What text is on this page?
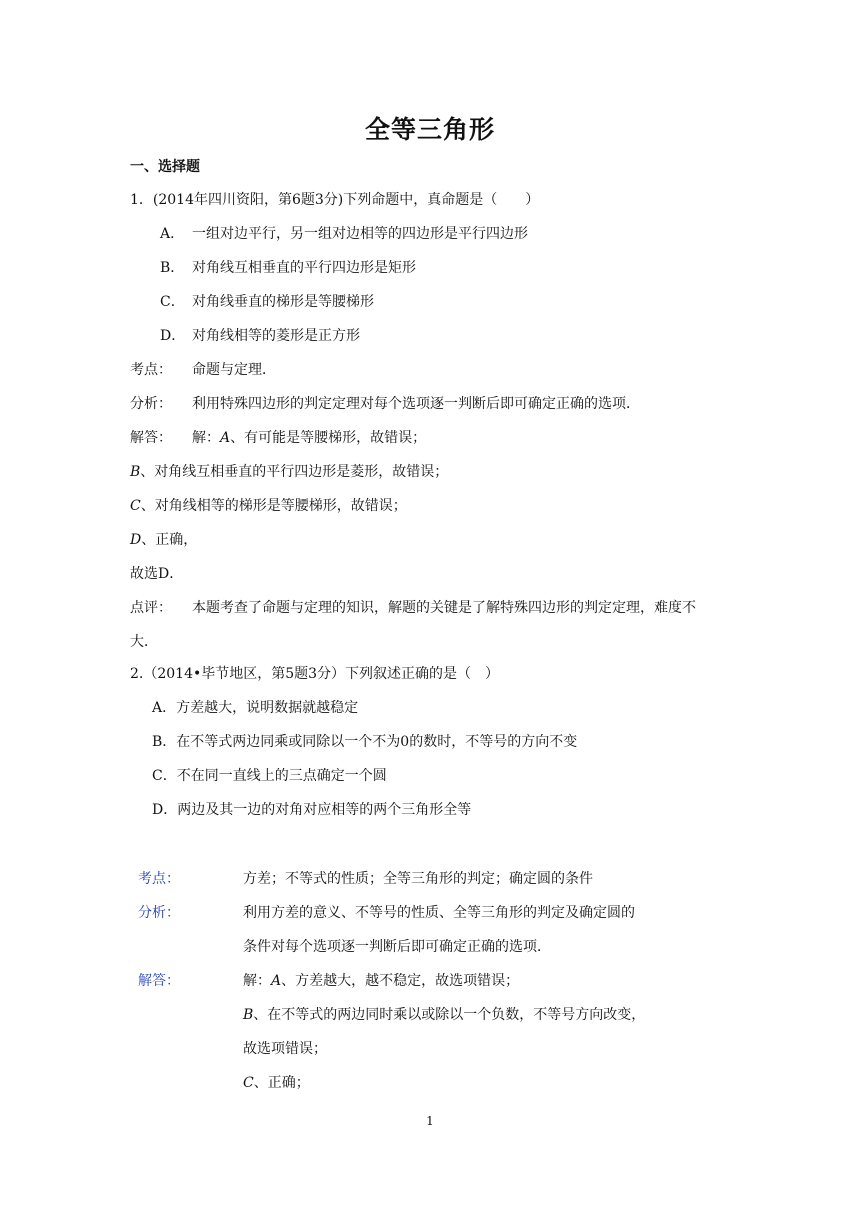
全等三角形
一、选择题
1．(2014年四川资阳，第6题3分)下列命题中，真命题是（　　）
A． 一组对边平行，另一组对边相等的四边形是平行四边形
B． 对角线互相垂直的平行四边形是矩形
C． 对角线垂直的梯形是等腰梯形
D． 对角线相等的菱形是正方形
考点： 命题与定理．
分析： 利用特殊四边形的判定定理对每个选项逐一判断后即可确定正确的选项．
解答： 解：A、有可能是等腰梯形，故错误；
B、对角线互相垂直的平行四边形是菱形，故错误；
C、对角线相等的梯形是等腰梯形，故错误；
D、正确，
故选D．
点评： 本题考查了命题与定理的知识，解题的关键是了解特殊四边形的判定定理，难度不
大．
2.（2014•毕节地区，第5题3分）下列叙述正确的是（　）
A．方差越大，说明数据就越稳定
B．在不等式两边同乘或同除以一个不为0的数时，不等号的方向不变
C．不在同一直线上的三点确定一个圆
D．两边及其一边的对角对应相等的两个三角形全等
考点：	方差；不等式的性质；全等三角形的判定；确定圆的条件
分析：	利用方差的意义、不等号的性质、全等三角形的判定及确定圆的
条件对每个选项逐一判断后即可确定正确的选项．
解答：	解：A、方差越大，越不稳定，故选项错误；
B、在不等式的两边同时乘以或除以一个负数，不等号方向改变，
故选项错误；
C、正确；
1
